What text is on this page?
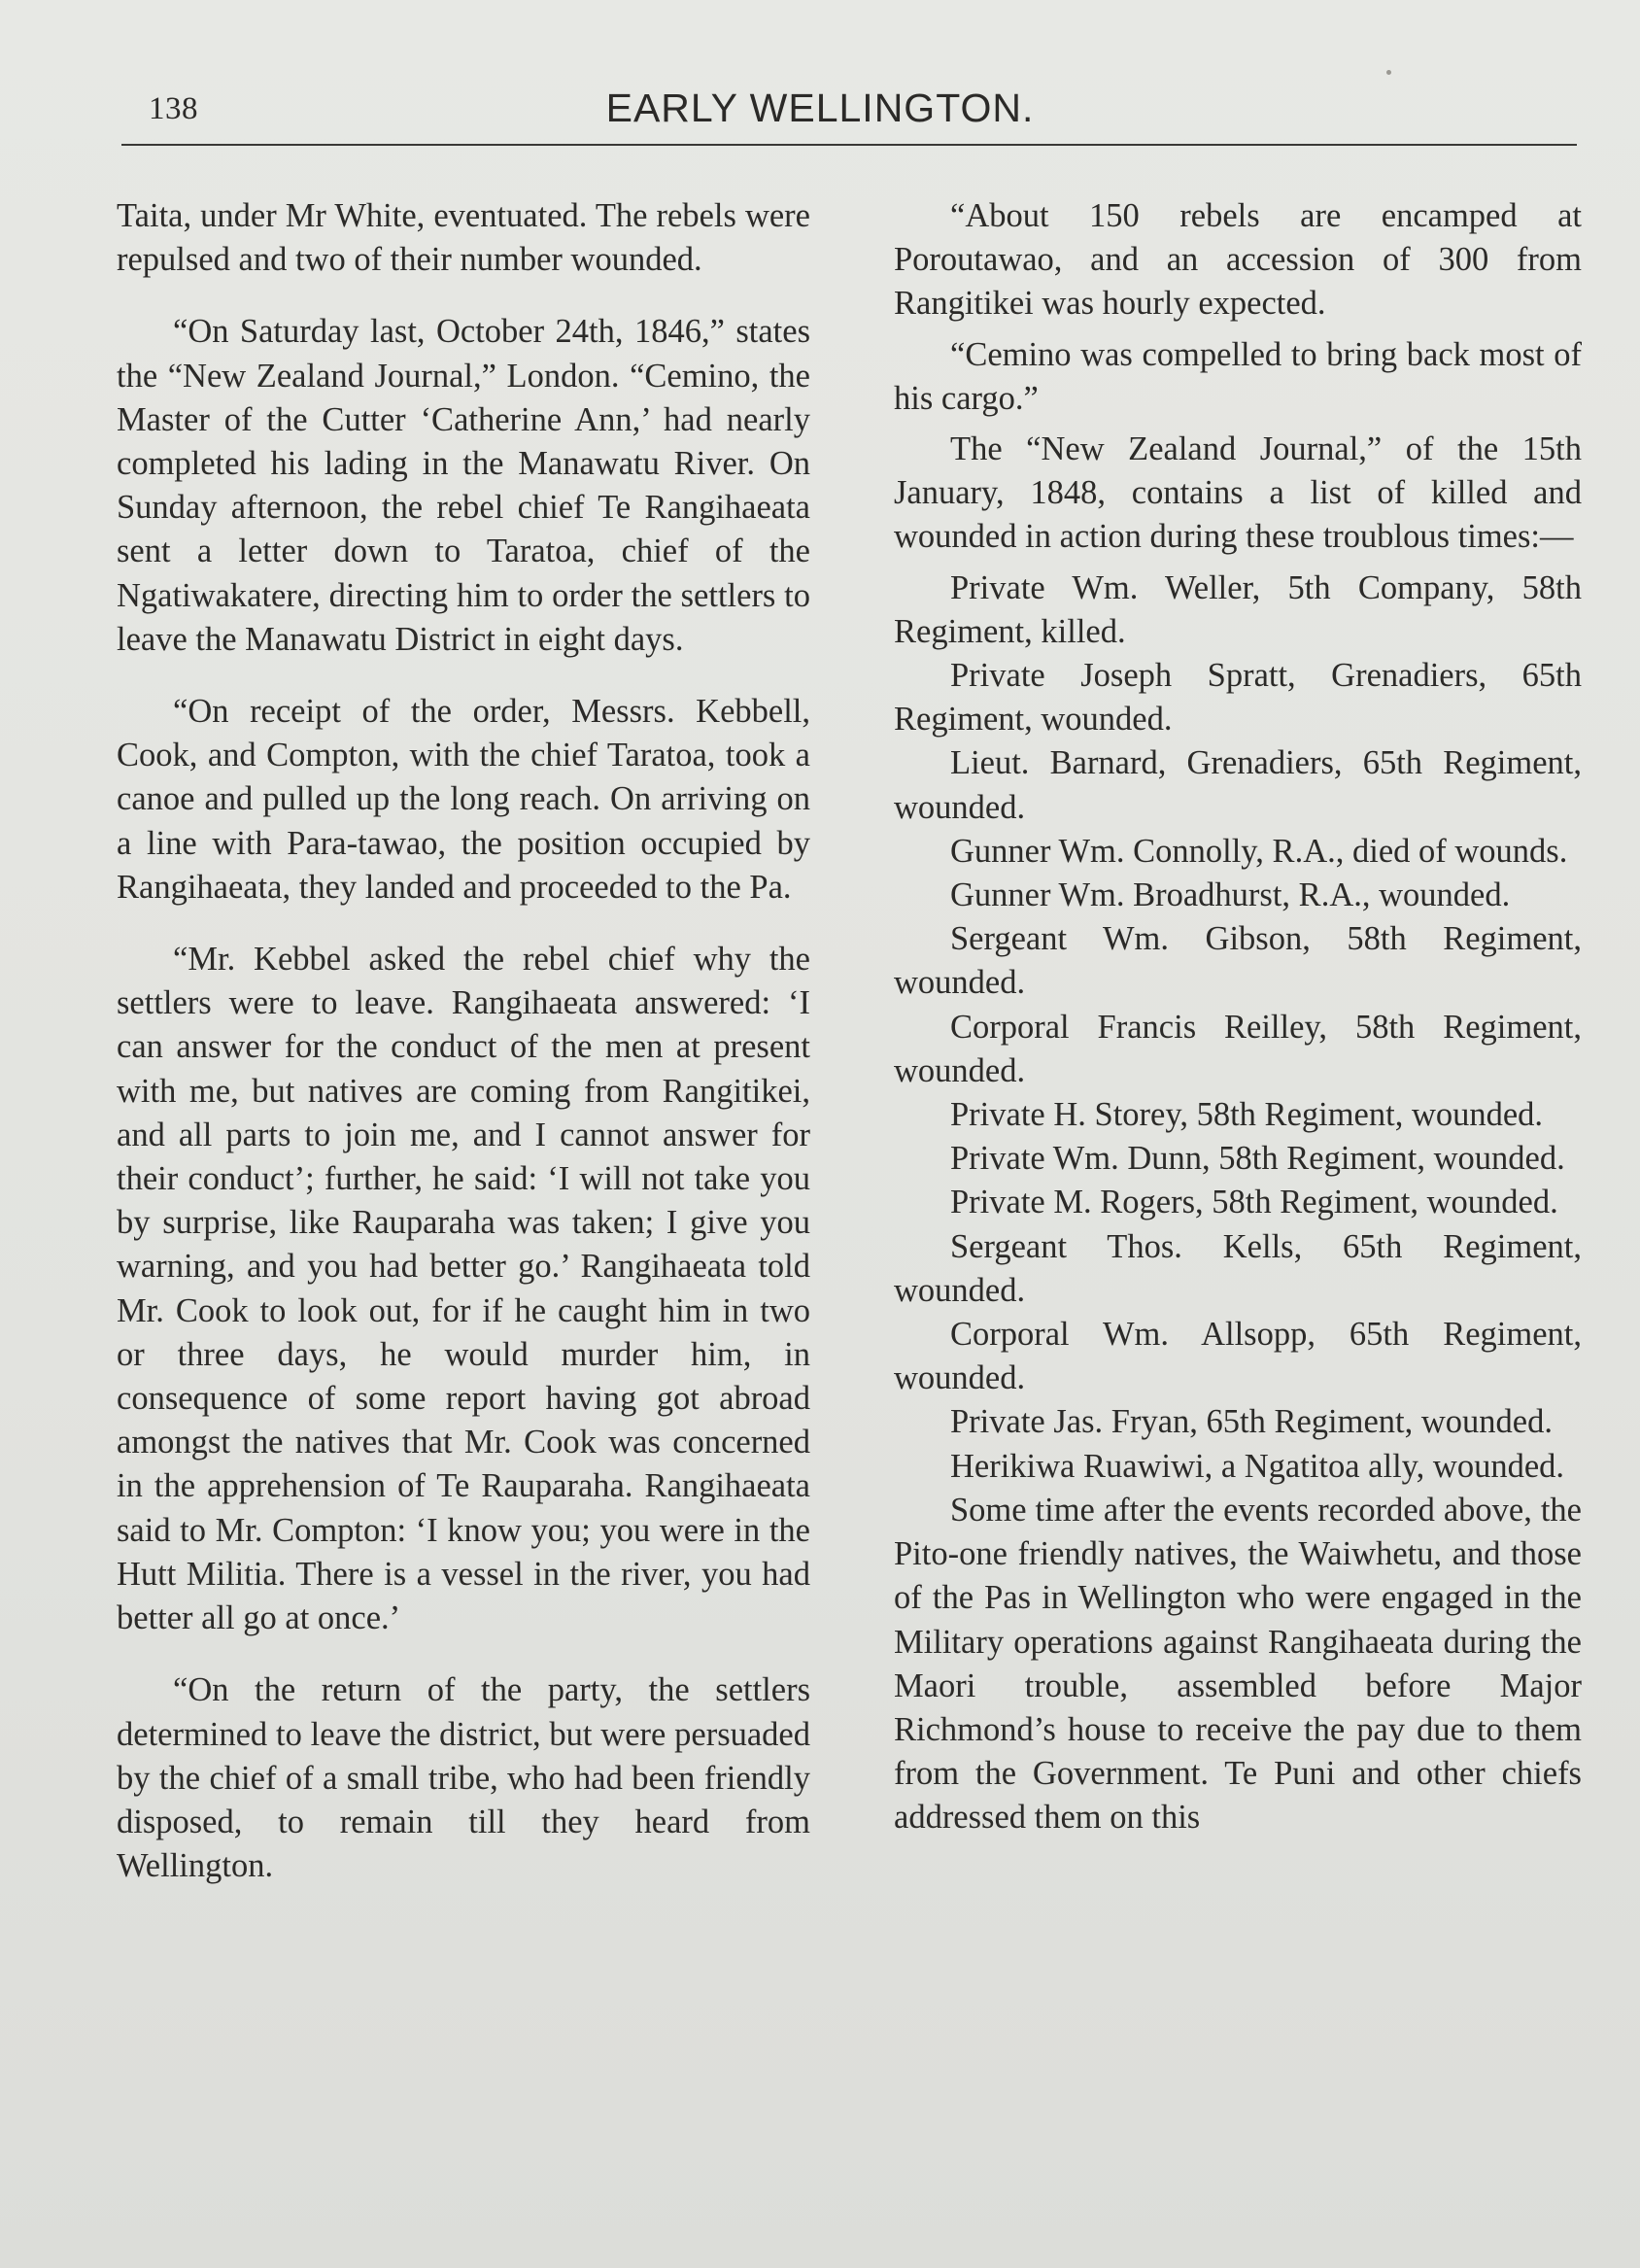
138	EARLY WELLINGTON.

Taita, under Mr White, eventuated. The rebels were repulsed and two of their number wounded.

“On Saturday last, October 24th, 1846,” states the “New Zealand Journal,” London. “Cemino, the Master of the Cutter ‘Catherine Ann,’ had nearly completed his lading in the Manawatu River. On Sunday afternoon, the rebel chief Te Rangihaeata sent a letter down to Taratoa, chief of the Ngatiwakatere, directing him to order the settlers to leave the Manawatu District in eight days.

“On receipt of the order, Messrs. Kebbell, Cook, and Compton, with the chief Taratoa, took a canoe and pulled up the long reach. On arriving on a line with Para-tawao, the position occupied by Rangihaeata, they landed and proceeded to the Pa.

“Mr. Kebbel asked the rebel chief why the settlers were to leave. Rangihaeata answered: ‘I can answer for the conduct of the men at present with me, but natives are coming from Rangitikei, and all parts to join me, and I cannot answer for their conduct’; further, he said: ‘I will not take you by surprise, like Rauparaha was taken; I give you warning, and you had better go.’ Rangihaeata told Mr. Cook to look out, for if he caught him in two or three days, he would murder him, in consequence of some report having got abroad amongst the natives that Mr. Cook was concerned in the apprehension of Te Rauparaha. Rangihaeata said to Mr. Compton: ‘I know you; you were in the Hutt Militia. There is a vessel in the river, you had better all go at once.’

“On the return of the party, the settlers determined to leave the district, but were persuaded by the chief of a small tribe, who had been friendly disposed, to remain till they heard from Wellington.

“About 150 rebels are encamped at Poroutawao, and an accession of 300 from Rangitikei was hourly expected.

“Cemino was compelled to bring back most of his cargo.”

The “New Zealand Journal,” of the 15th January, 1848, contains a list of killed and wounded in action during these troublous times:—

Private Wm. Weller, 5th Company, 58th Regiment, killed.

Private Joseph Spratt, Grenadiers, 65th Regiment, wounded.

Lieut. Barnard, Grenadiers, 65th Regiment, wounded.

Gunner Wm. Connolly, R.A., died of wounds.

Gunner Wm. Broadhurst, R.A., wounded.

Sergeant Wm. Gibson, 58th Regiment, wounded.

Corporal Francis Reilley, 58th Regiment, wounded.

Private H. Storey, 58th Regiment, wounded.

Private Wm. Dunn, 58th Regiment, wounded.

Private M. Rogers, 58th Regiment, wounded.

Sergeant Thos. Kells, 65th Regiment, wounded.

Corporal Wm. Allsopp, 65th Regiment, wounded.

Private Jas. Fryan, 65th Regiment, wounded.

Herikiwa Ruawiwi, a Ngatitoa ally, wounded.

Some time after the events recorded above, the Pito-one friendly natives, the Waiwhetu, and those of the Pas in Wellington who were engaged in the Military operations against Rangihaeata during the Maori trouble, assembled before Major Richmond’s house to receive the pay due to them from the Government. Te Puni and other chiefs addressed them on this
